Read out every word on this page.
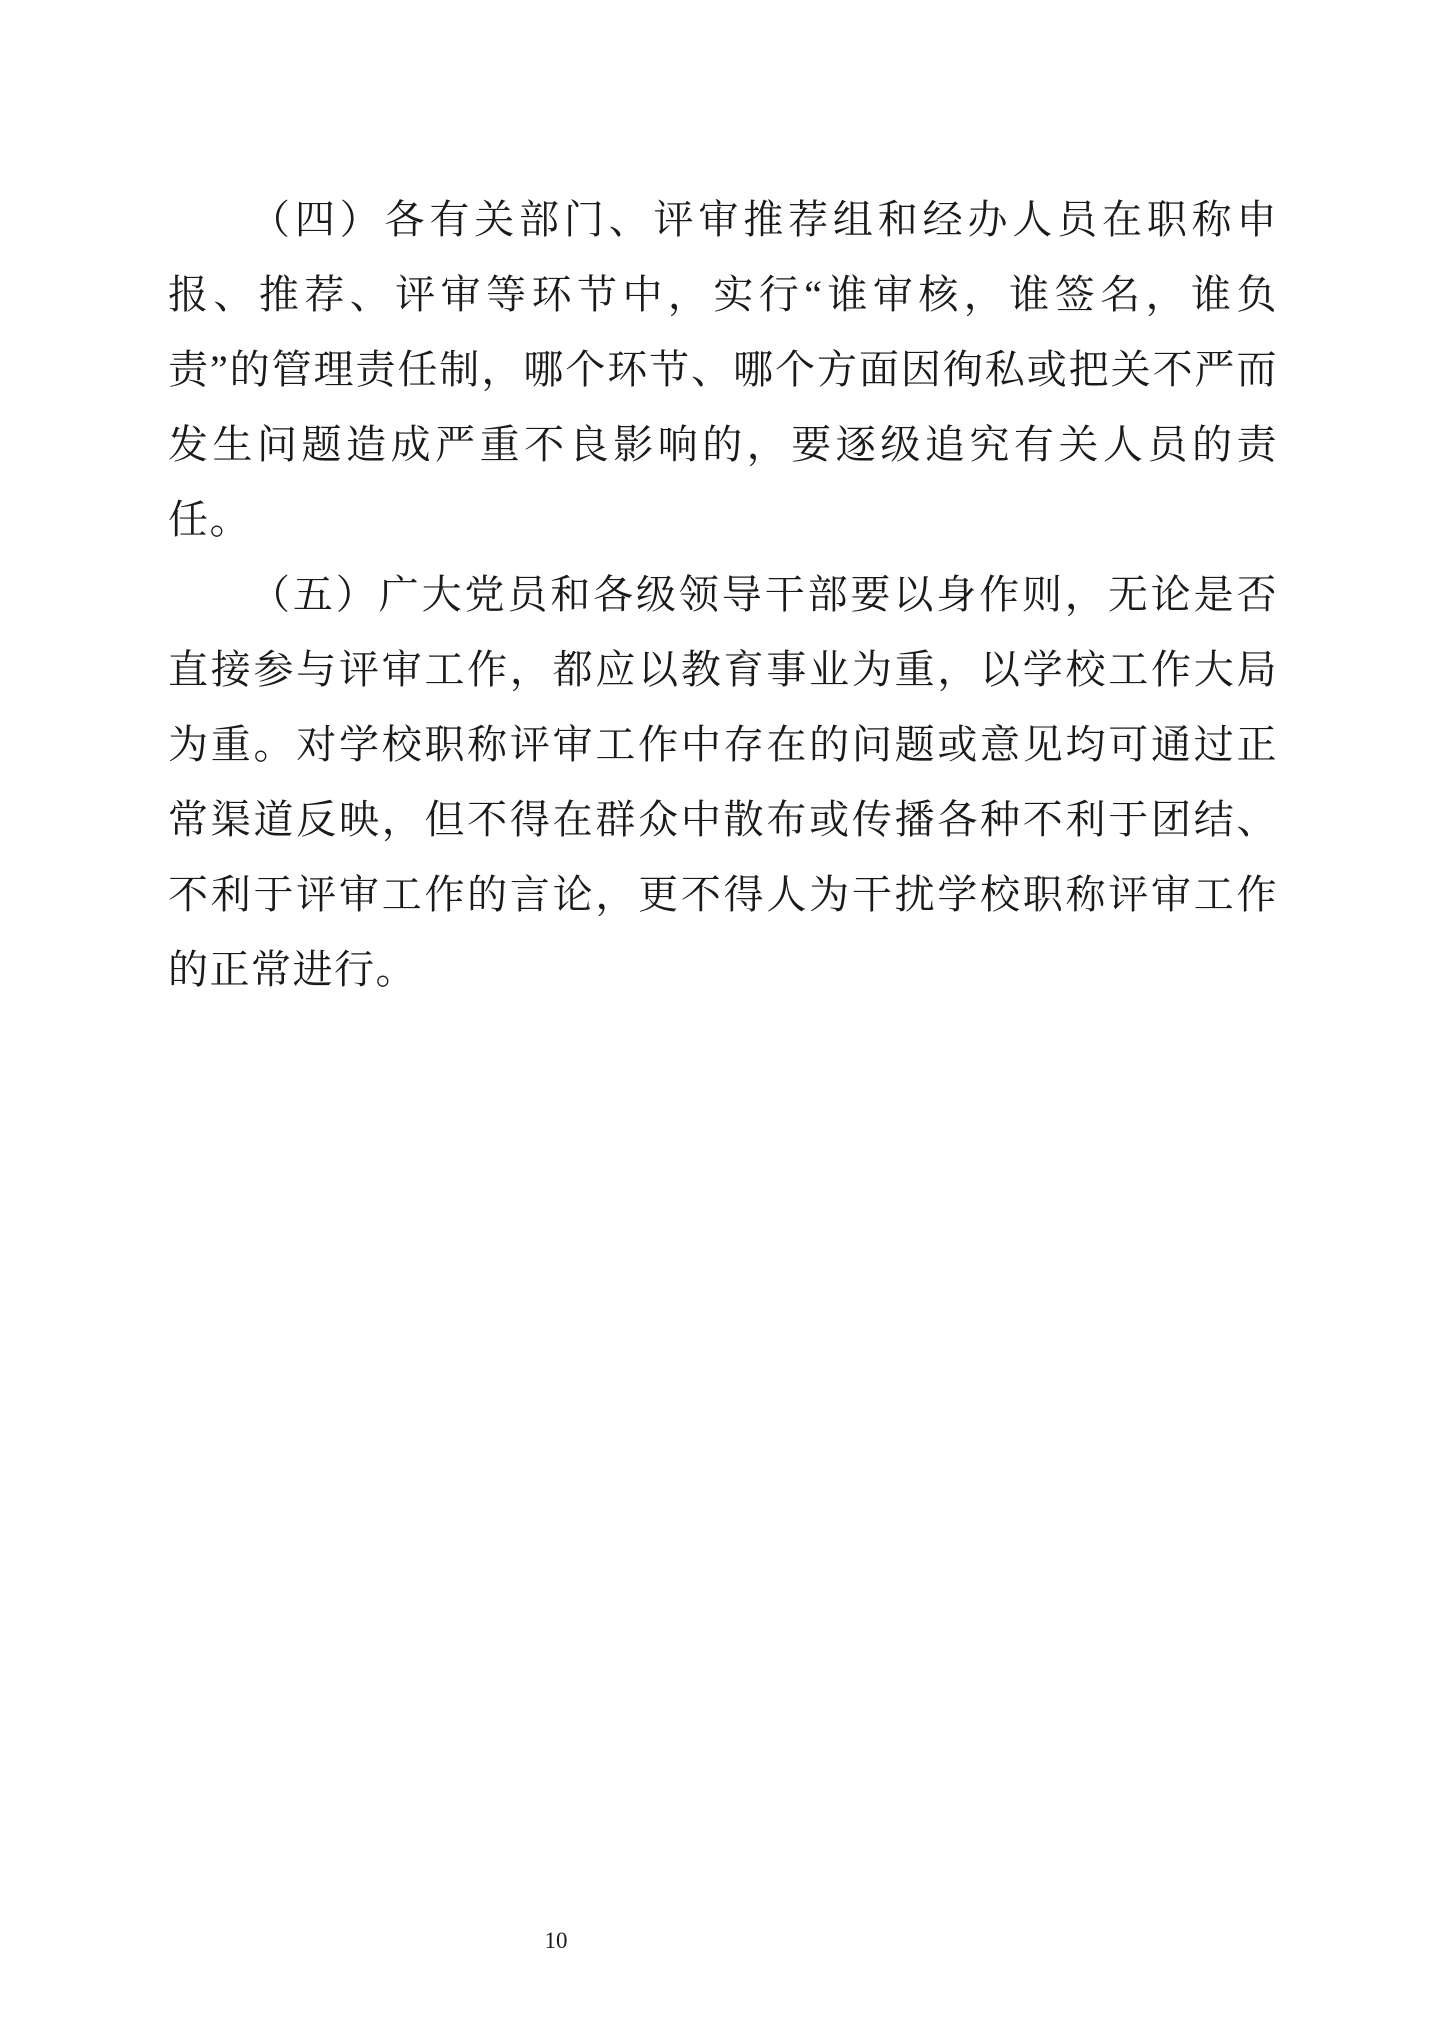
（四）各有关部门、评审推荐组和经办人员在职称申报、推荐、评审等环节中，实行“谁审核，谁签名，谁负责”的管理责任制，哪个环节、哪个方面因徇私或把关不严而发生问题造成严重不良影响的，要逐级追究有关人员的责任。

（五）广大党员和各级领导干部要以身作则，无论是否直接参与评审工作，都应以教育事业为重，以学校工作大局为重。对学校职称评审工作中存在的问题或意见均可通过正常渠道反映，但不得在群众中散布或传播各种不利于团结、不利于评审工作的言论，更不得人为干扰学校职称评审工作的正常进行。

10
